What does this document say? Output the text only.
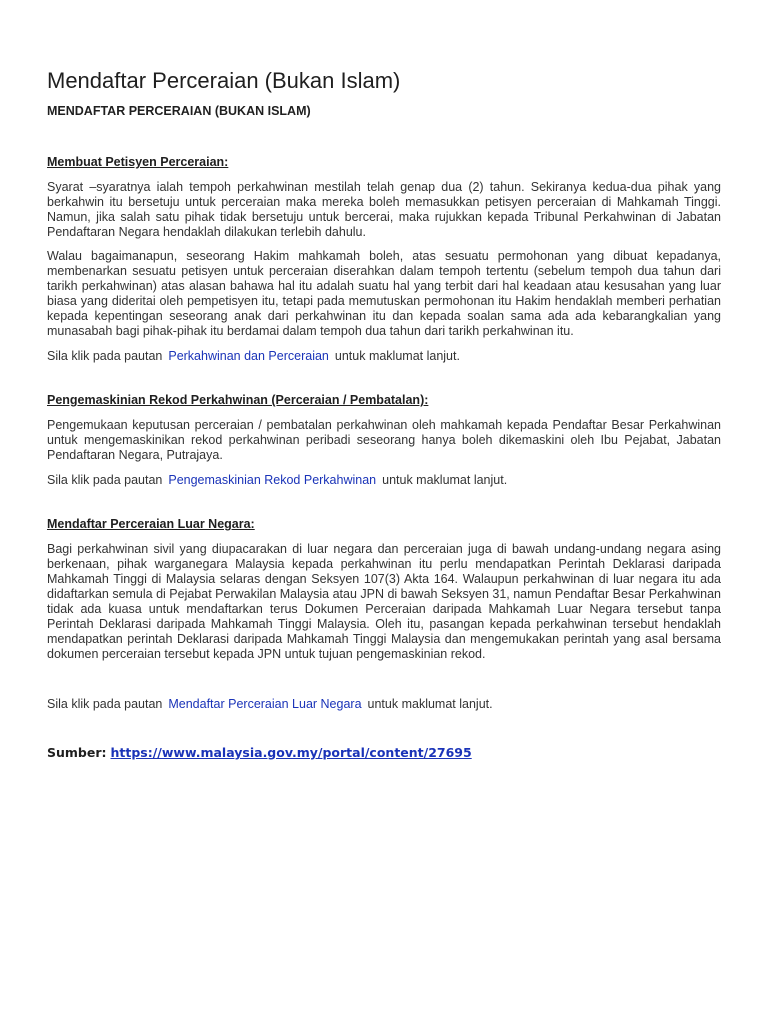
Mendaftar Perceraian (Bukan Islam)
MENDAFTAR PERCERAIAN (BUKAN ISLAM)
Membuat Petisyen Perceraian:

Syarat –syaratnya ialah tempoh perkahwinan mestilah telah genap dua (2) tahun. Sekiranya kedua-dua pihak yang berkahwin itu bersetuju untuk perceraian maka mereka boleh memasukkan petisyen perceraian di Mahkamah Tinggi. Namun, jika salah satu pihak tidak bersetuju untuk bercerai, maka rujukkan kepada Tribunal Perkahwinan di Jabatan Pendaftaran Negara hendaklah dilakukan terlebih dahulu.

Walau bagaimanapun, seseorang Hakim mahkamah boleh, atas sesuatu permohonan yang dibuat kepadanya, membenarkan sesuatu petisyen untuk perceraian diserahkan dalam tempoh tertentu (sebelum tempoh dua tahun dari tarikh perkahwinan) atas alasan bahawa hal itu adalah suatu hal yang terbit dari hal keadaan atau kesusahan yang luar biasa yang dideritai oleh pempetisyen itu, tetapi pada memutuskan permohonan itu Hakim hendaklah memberi perhatian kepada kepentingan seseorang anak dari perkahwinan itu dan kepada soalan sama ada ada kebarangkalian yang munasabah bagi pihak-pihak itu berdamai dalam tempoh dua tahun dari tarikh perkahwinan itu.

Sila klik pada pautan Perkahwinan dan Perceraian untuk maklumat lanjut.

Pengemaskinian Rekod Perkahwinan (Perceraian / Pembatalan):

Pengemukaan keputusan perceraian / pembatalan perkahwinan oleh mahkamah kepada Pendaftar Besar Perkahwinan untuk mengemaskinikan rekod perkahwinan peribadi seseorang hanya boleh dikemaskini oleh Ibu Pejabat, Jabatan Pendaftaran Negara, Putrajaya.

Sila klik pada pautan Pengemaskinian Rekod Perkahwinan untuk maklumat lanjut.

Mendaftar Perceraian Luar Negara:

Bagi perkahwinan sivil yang diupacarakan di luar negara dan perceraian juga di bawah undang-undang negara asing berkenaan, pihak warganegara Malaysia kepada perkahwinan itu perlu mendapatkan Perintah Deklarasi daripada Mahkamah Tinggi di Malaysia selaras dengan Seksyen 107(3) Akta 164. Walaupun perkahwinan di luar negara itu ada didaftarkan semula di Pejabat Perwakilan Malaysia atau JPN di bawah Seksyen 31, namun Pendaftar Besar Perkahwinan tidak ada kuasa untuk mendaftarkan terus Dokumen Perceraian daripada Mahkamah Luar Negara tersebut tanpa Perintah Deklarasi daripada Mahkamah Tinggi Malaysia. Oleh itu, pasangan kepada perkahwinan tersebut hendaklah mendapatkan perintah Deklarasi daripada Mahkamah Tinggi Malaysia dan mengemukakan perintah yang asal bersama dokumen perceraian tersebut kepada JPN untuk tujuan pengemaskinian rekod.

Sila klik pada pautan Mendaftar Perceraian Luar Negara untuk maklumat lanjut.

Sumber: https://www.malaysia.gov.my/portal/content/27695
